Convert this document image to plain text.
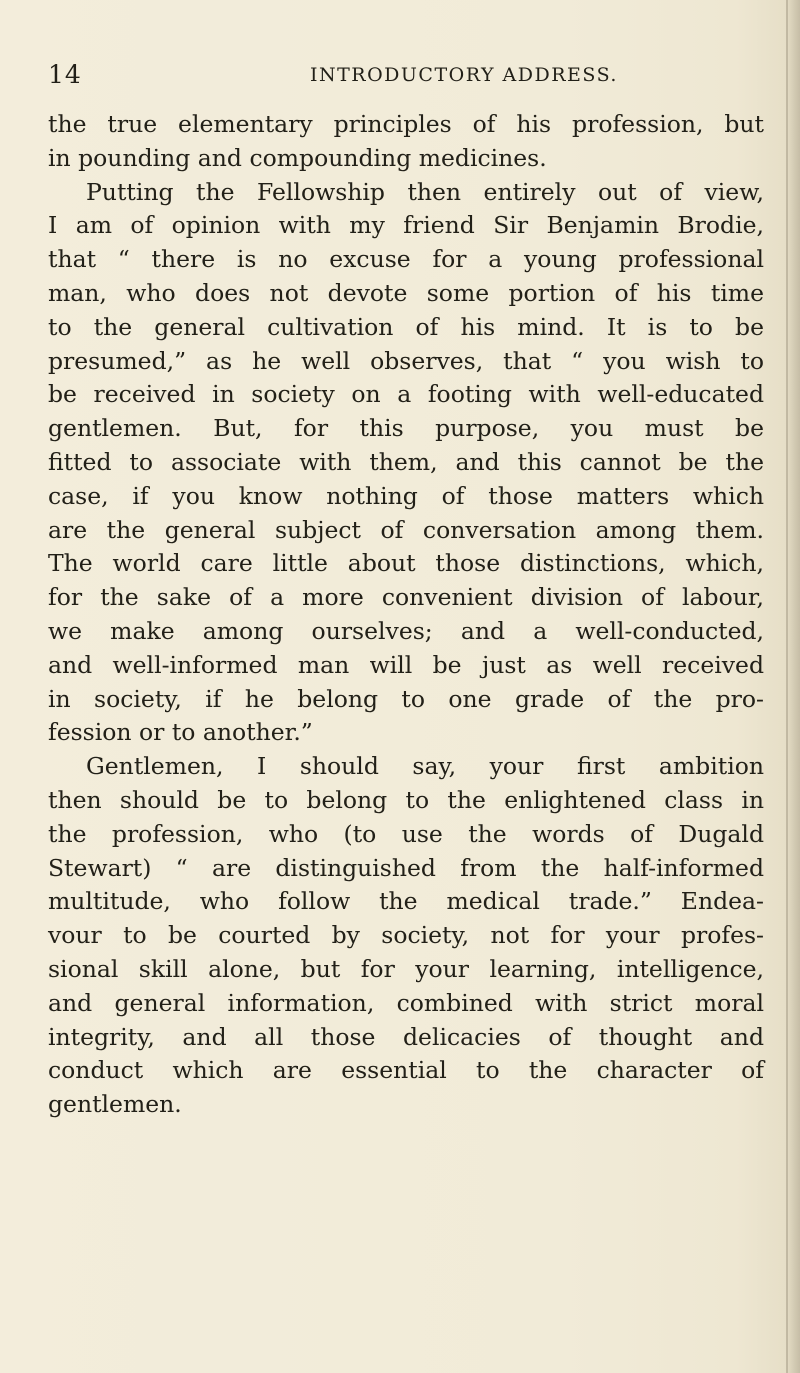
14	INTRODUCTORY ADDRESS.
the true elementary principles of his profession, but
in pounding and compounding medicines.
Putting the Fellowship then entirely out of view,
I am of opinion with my friend Sir Benjamin Brodie,
that “ there is no excuse for a young professional
man, who does not devote some portion of his time
to the general cultivation of his mind. It is to be
presumed,” as he well observes, that “ you wish to
be received in society on a footing with well-educated
gentlemen. But, for this purpose, you must be
fitted to associate with them, and this cannot be the
case, if you know nothing of those matters which
are the general subject of conversation among them.
The world care little about those distinctions, which,
for the sake of a more convenient division of labour,
we make among ourselves; and a well-conducted,
and well-informed man will be just as well received
in society, if he belong to one grade of the pro-
fession or to another.”
Gentlemen, I should say, your first ambition
then should be to belong to the enlightened class in
the profession, who (to use the words of Dugald
Stewart) “ are distinguished from the half-informed
multitude, who follow the medical trade.” Endea-
vour to be courted by society, not for your profes-
sional skill alone, but for your learning, intelligence,
and general information, combined with strict moral
integrity, and all those delicacies of thought and
conduct which are essential to the character of
gentlemen.
